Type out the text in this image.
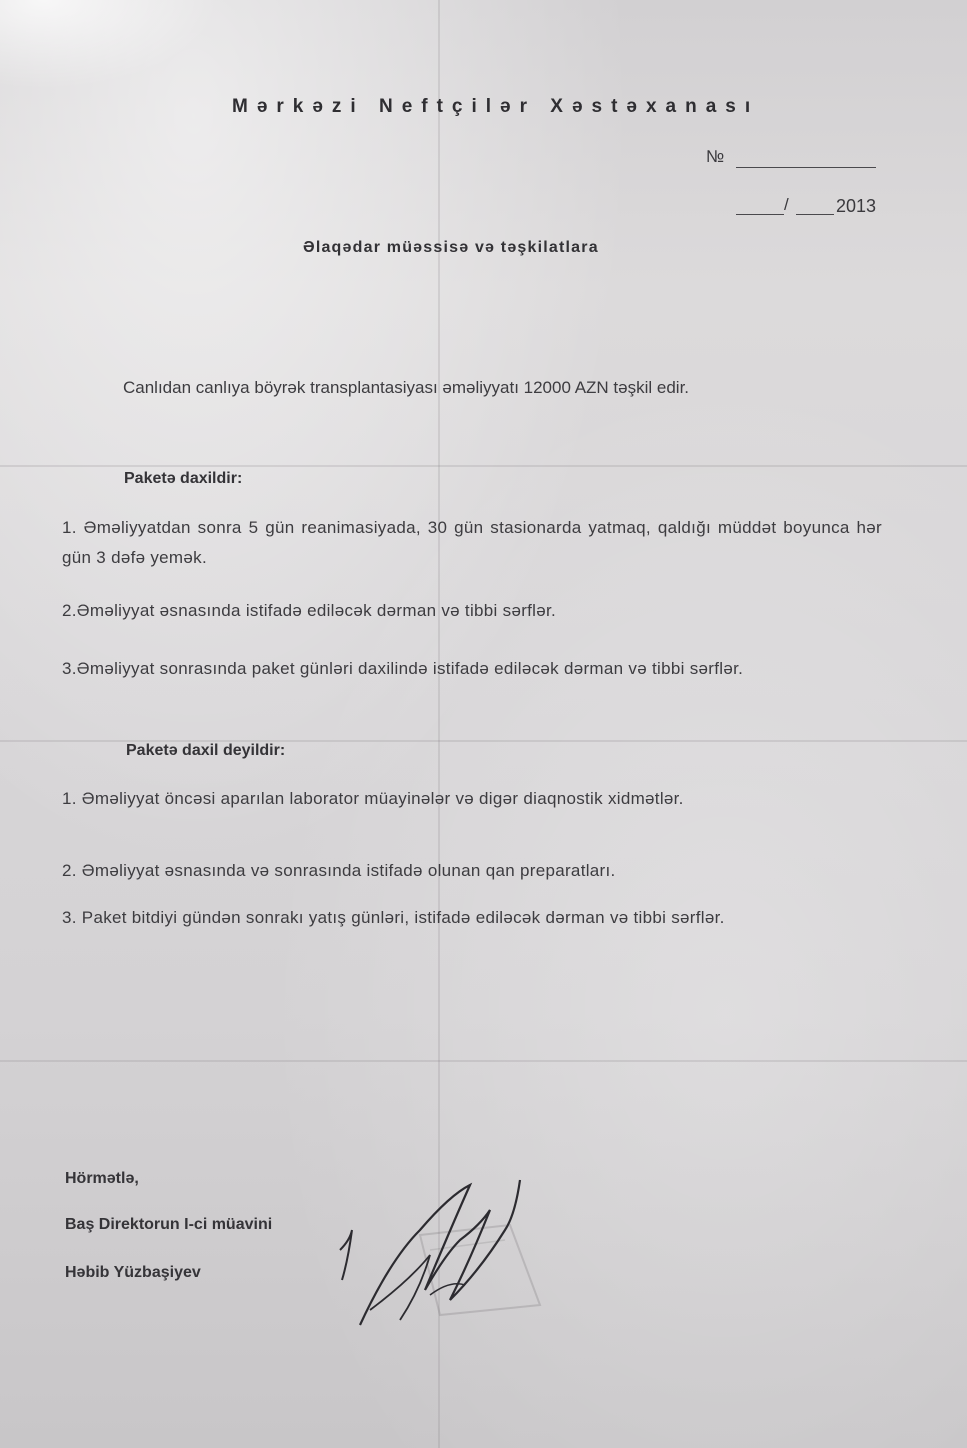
Mərkəzi Neftçilər Xəstəxanası
№
/	2013
Əlaqədar müəssisə və təşkilatlara
Canlıdan canlıya böyrək transplantasiyası əməliyyatı 12000 AZN təşkil edir.
Paketə daxildir:
1. Əməliyyatdan sonra 5 gün reanimasiyada, 30 gün stasionarda yatmaq, qaldığı müddət boyunca hər gün 3 dəfə yemək.
2.Əməliyyat əsnasında istifadə ediləcək dərman və tibbi sərflər.
3.Əməliyyat sonrasında paket günləri daxilində istifadə ediləcək dərman və tibbi sərflər.
Paketə daxil deyildir:
1. Əməliyyat öncəsi aparılan laborator müayinələr və digər diaqnostik xidmətlər.
2. Əməliyyat əsnasında və sonrasında istifadə olunan qan preparatları.
3. Paket bitdiyi gündən sonrakı yatış günləri, istifadə ediləcək dərman və tibbi sərflər.
Hörmətlə,
Baş Direktorun I-ci müavini
Həbib Yüzbaşiyev
